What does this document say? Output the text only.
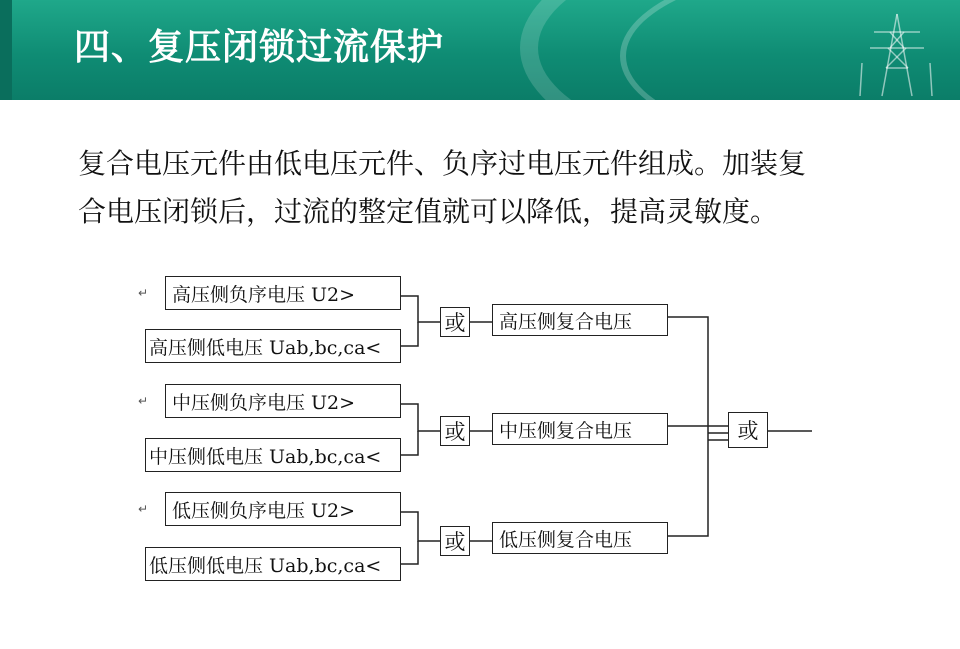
四、复压闭锁过流保护
复合电压元件由低电压元件、负序过电压元件组成。加装复
合电压闭锁后，过流的整定值就可以降低，提高灵敏度。
↵ 高压侧负序电压 U2>
高压侧低电压 Uab,bc,ca<
或 高压侧复合电压
↵ 中压侧负序电压 U2>
中压侧低电压 Uab,bc,ca<
或 中压侧复合电压
↵ 低压侧负序电压 U2>
低压侧低电压 Uab,bc,ca<
或 低压侧复合电压
或
